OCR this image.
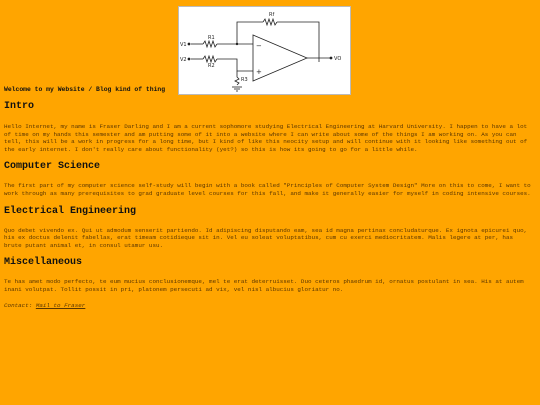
Rf
R1
R2
R3
V1
V2	VO
−
+
Welcome to my Website / Blog kind of thing
Intro

Hello Internet, my name is Fraser Darling and I am a current sophomore studying Electrical Engineering at Harvard University. I happen to have a lot of time on my hands this semester and am putting some of it into a website where I can write about some of the things I am working on. As you can tell, this will be a work in progress for a long time, but I kind of like this neocity setup and will continue with it looking like something out of the early internet. I don't really care about functionality (yet?) so this is how its going to go for a little while.

Computer Science

The first part of my computer science self-study will begin with a book called "Principles of Computer System Design" More on this to come, I want to work through as many prerequisites to grad graduate level courses for this fall, and make it generally easier for myself in coding intensive courses.

Electrical Engineering

Quo debet vivendo ex. Qui ut admodum senserit partiendo. Id adipiscing disputando eam, sea id magna pertinax concludaturque. Ex ignota epicurei quo, his ex doctus delenit fabellas, erat timeam cotidieque sit in. Vel eu soleat voluptatibus, cum cu exerci mediocritatem. Malis legere at per, has brute putant animal et, in consul utamur usu.

Miscellaneous

Te has amet modo perfecto, te eum mucius conclusionemque, mel te erat deterruisset. Duo ceteros phaedrum id, ornatus postulant in sea. His at autem inani volutpat. Tollit possit in pri, platonem persecuti ad vix, vel nisl albucius gloriatur no.

Contact: Mail to Fraser
